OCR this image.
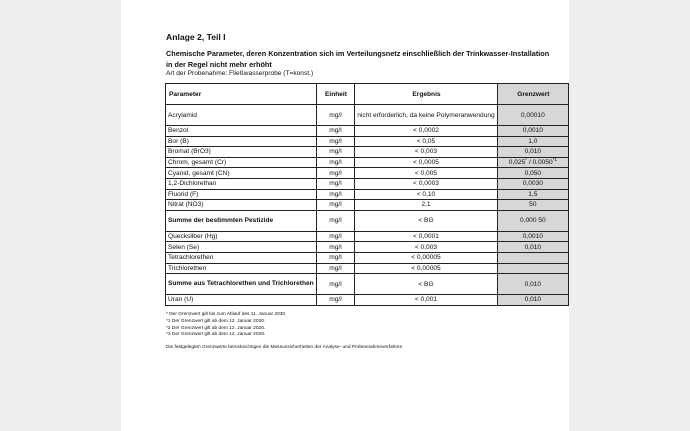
Anlage 2, Teil I
Chemische Parameter, deren Konzentration sich im Verteilungsnetz einschließlich der Trinkwasser-Installation in der Regel nicht mehr erhöht
Art der Probenahme: Fließwasserprobe (T=konst.)
Parameter	Einheit	Ergebnis	Grenzwert
Acrylamid	mg/l	nicht erforderlich, da keine Polymeranwendung	0,00010
Benzol	mg/l	< 0,0002	0,0010
Bor (B)	mg/l	< 0,05	1,0
Bromat (BrO3)	mg/l	< 0,003	0,010
Chrom, gesamt (Cr)	mg/l	< 0,0005	0,025* / 0,0050$^{*1}$
Cyanid, gesamt (CN)	mg/l	< 0,005	0,050
1,2-Dichlorethan	mg/l	< 0,0003	0,0030
Fluorid (F)	mg/l	< 0,10	1,5
Nitrat (NO3)	mg/l	2,1	50
Summe der bestimmten Pestizide	mg/l	< BG	0,000 50
Quecksilber (Hg)	mg/l	< 0,0001	0,0010
Selen (Se)	mg/l	< 0,003	0,010
Tetrachlorethen	mg/l	< 0,00005	
Trichlorethen	mg/l	< 0,00005	
Summe aus Tetrachlorethen und Trichlorethen	mg/l	< BG	0,010
Uran (U)	mg/l	< 0,001	0,010
* Der Grenzwert gilt bis zum Ablauf des 11. Januar 2030.
*1 Der Grenzwert gilt ab dem 12. Januar 2030.
*2 Der Grenzwert gilt ab dem 12. Januar 2026.
*3 Der Grenzwert gilt ab dem 12. Januar 2028.
Die festgelegten Grenzwerte berücksichtigen die Messunsicherheiten der Analyse- und Probennahmeverfahren
